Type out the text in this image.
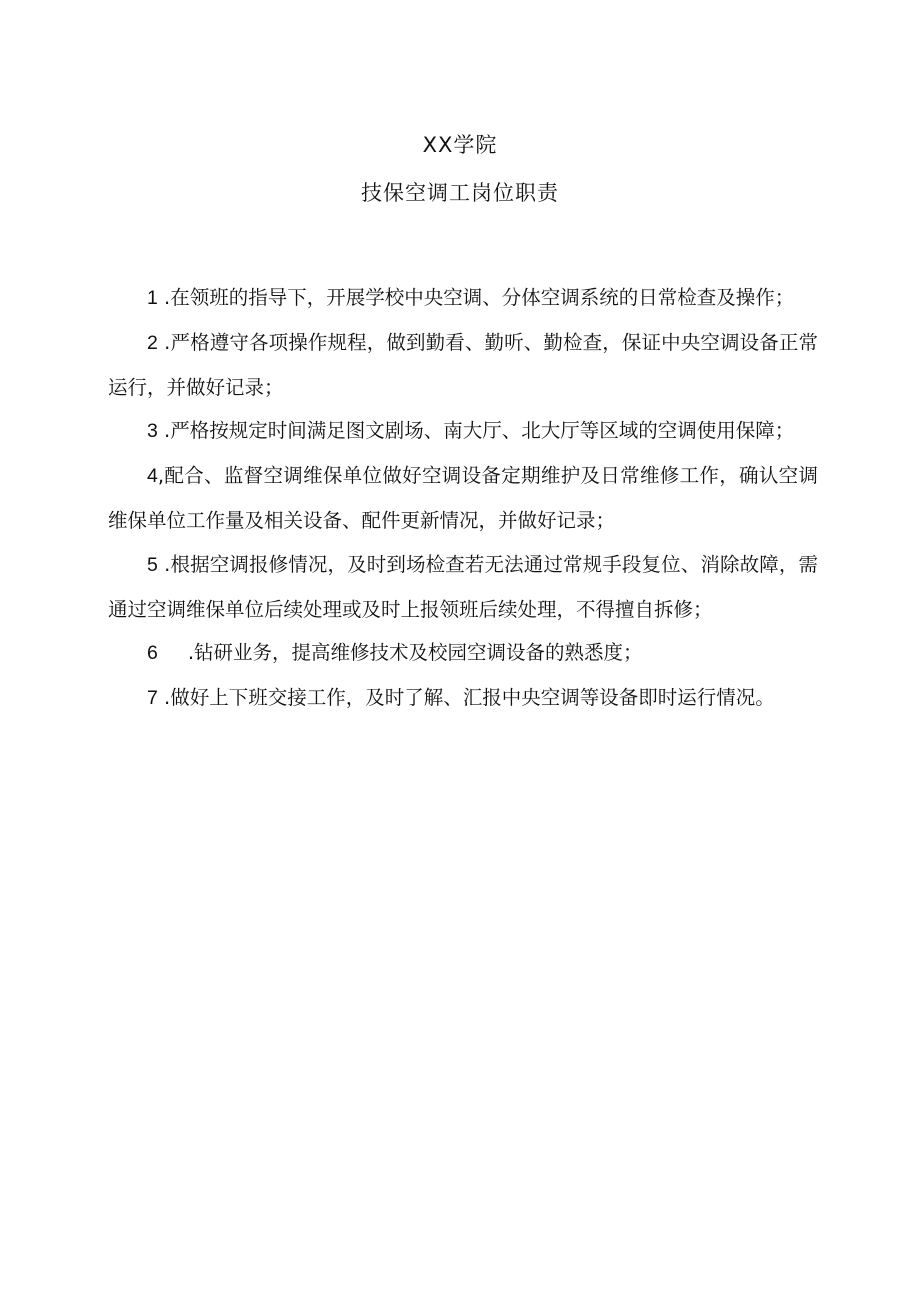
XX学院
技保空调工岗位职责

1 .在领班的指导下，开展学校中央空调、分体空调系统的日常检查及操作；

2 .严格遵守各项操作规程，做到勤看、勤听、勤检查，保证中央空调设备正常运行，并做好记录；

3 .严格按规定时间满足图文剧场、南大厅、北大厅等区域的空调使用保障；

4,配合、监督空调维保单位做好空调设备定期维护及日常维修工作，确认空调维保单位工作量及相关设备、配件更新情况，并做好记录；

5 .根据空调报修情况，及时到场检查若无法通过常规手段复位、消除故障，需通过空调维保单位后续处理或及时上报领班后续处理，不得擅自拆修；

6 .钻研业务，提高维修技术及校园空调设备的熟悉度；

7 .做好上下班交接工作，及时了解、汇报中央空调等设备即时运行情况。
